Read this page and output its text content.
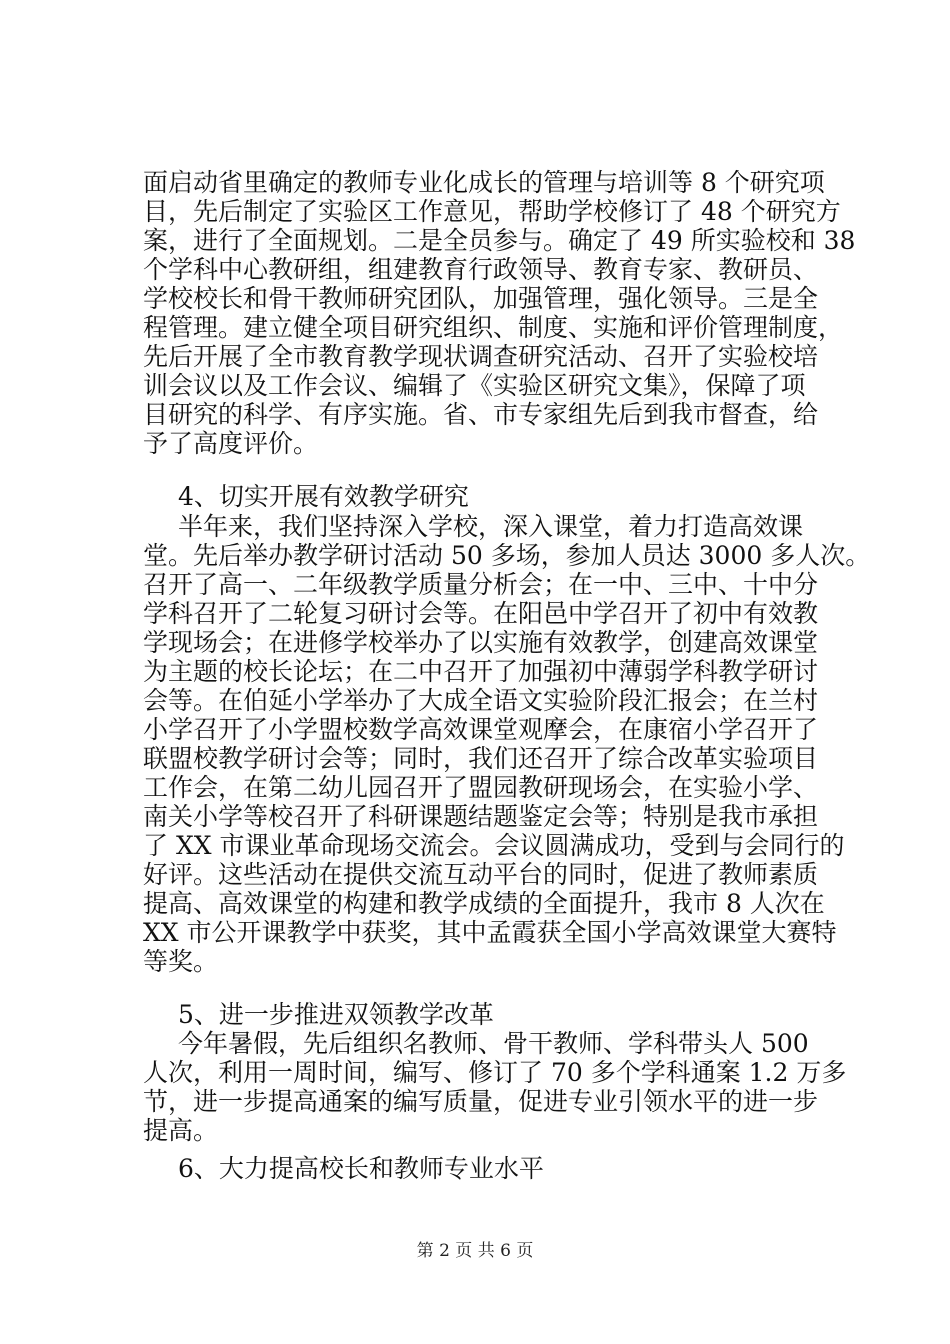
面启动省里确定的教师专业化成长的管理与培训等 8 个研究项
目，先后制定了实验区工作意见，帮助学校修订了 48 个研究方
案，进行了全面规划。二是全员参与。确定了 49 所实验校和 38
个学科中心教研组，组建教育行政领导、教育专家、教研员、
学校校长和骨干教师研究团队，加强管理，强化领导。三是全
程管理。建立健全项目研究组织、制度、实施和评价管理制度，
先后开展了全市教育教学现状调查研究活动、召开了实验校培
训会议以及工作会议、编辑了《实验区研究文集》，保障了项
目研究的科学、有序实施。省、市专家组先后到我市督查，给
予了高度评价。
4、切实开展有效教学研究
半年来，我们坚持深入学校，深入课堂，着力打造高效课
堂。先后举办教学研讨活动 50 多场，参加人员达 3000 多人次。
召开了高一、二年级教学质量分析会；在一中、三中、十中分
学科召开了二轮复习研讨会等。在阳邑中学召开了初中有效教
学现场会；在进修学校举办了以实施有效教学，创建高效课堂
为主题的校长论坛；在二中召开了加强初中薄弱学科教学研讨
会等。在伯延小学举办了大成全语文实验阶段汇报会；在兰村
小学召开了小学盟校数学高效课堂观摩会，在康宿小学召开了
联盟校教学研讨会等；同时，我们还召开了综合改革实验项目
工作会，在第二幼儿园召开了盟园教研现场会，在实验小学、
南关小学等校召开了科研课题结题鉴定会等；特别是我市承担
了 XX 市课业革命现场交流会。会议圆满成功，受到与会同行的
好评。这些活动在提供交流互动平台的同时，促进了教师素质
提高、高效课堂的构建和教学成绩的全面提升，我市 8 人次在
XX 市公开课教学中获奖，其中孟霞获全国小学高效课堂大赛特
等奖。
5、进一步推进双领教学改革
今年暑假，先后组织名教师、骨干教师、学科带头人 500
人次，利用一周时间，编写、修订了 70 多个学科通案 1.2 万多
节，进一步提高通案的编写质量，促进专业引领水平的进一步
提高。
6、大力提高校长和教师专业水平
第 2 页 共 6 页
